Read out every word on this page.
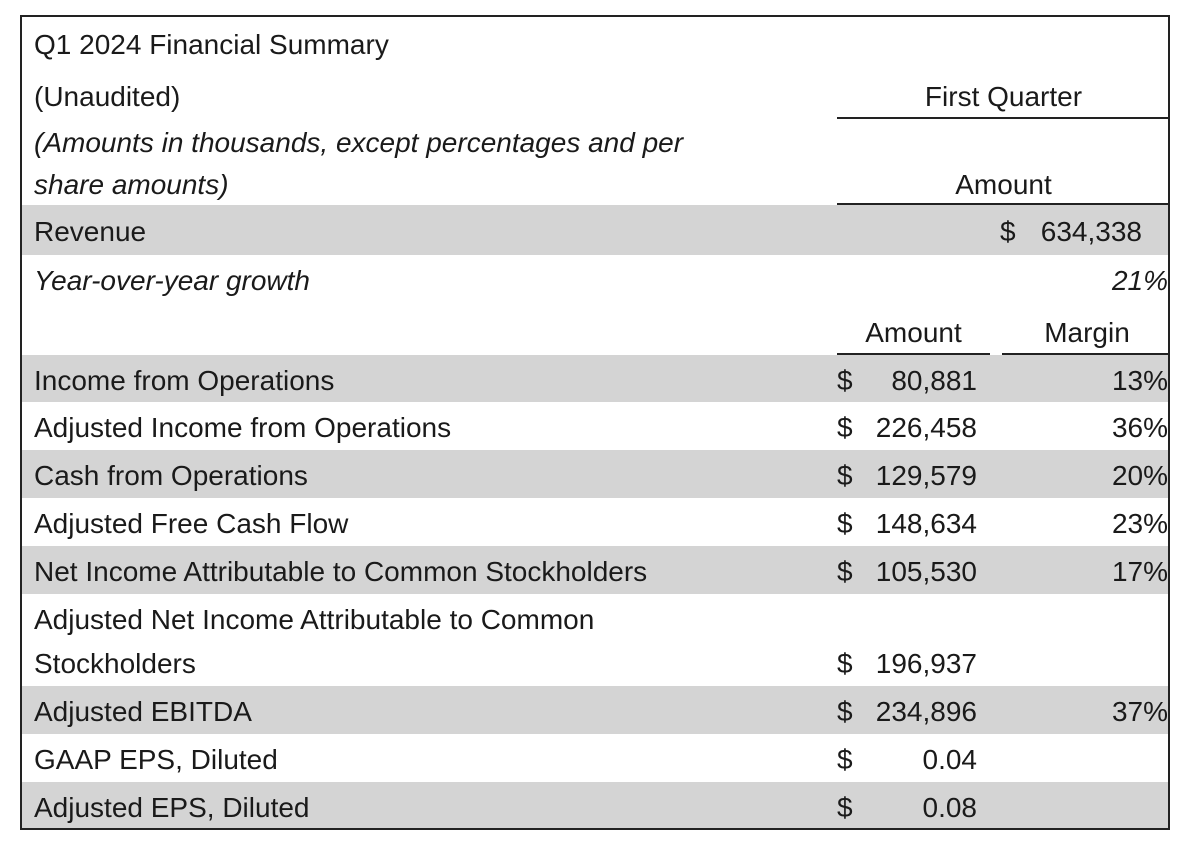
Q1 2024 Financial Summary
(Unaudited)	First Quarter
(Amounts in thousands, except percentages and per
share amounts)	Amount
Revenue	$ 634,338
Year-over-year growth	21%
Amount	Margin
Income from Operations	$	80,881	13%
Adjusted Income from Operations	$ 226,458	36%
Cash from Operations	$ 129,579	20%
Adjusted Free Cash Flow	$ 148,634	23%
Net Income Attributable to Common Stockholders	$ 105,530	17%
Adjusted Net Income Attributable to Common
Stockholders	$ 196,937
Adjusted EBITDA	$ 234,896	37%
GAAP EPS, Diluted	$	0.04
Adjusted EPS, Diluted	$	0.08
